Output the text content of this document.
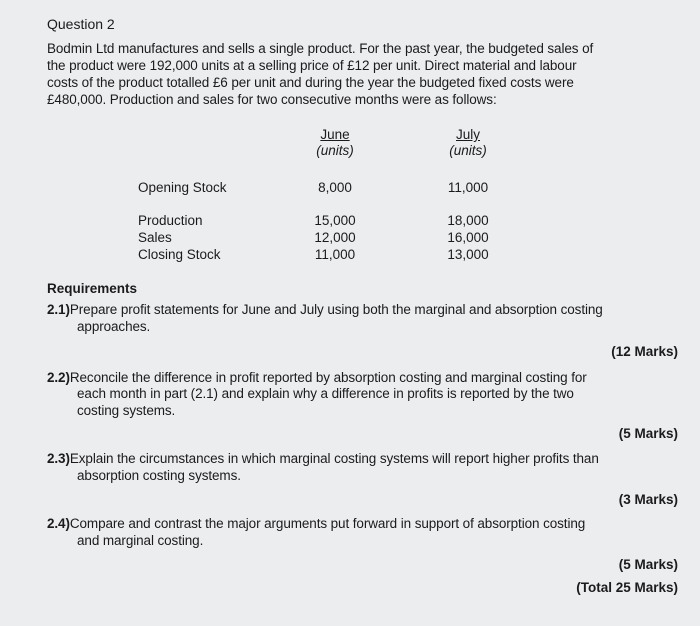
Question 2
Bodmin Ltd manufactures and sells a single product. For the past year, the budgeted sales of
the product were 192,000 units at a selling price of £12 per unit. Direct material and labour
costs of the product totalled £6 per unit and during the year the budgeted fixed costs were
£480,000. Production and sales for two consecutive months were as follows:
June
(units)
July
(units)
Opening Stock	8,000	11,000
Production	15,000	18,000
Sales	12,000	16,000
Closing Stock	11,000	13,000
Requirements
2.1)Prepare profit statements for June and July using both the marginal and absorption costing
approaches.
(12 Marks)
2.2)Reconcile the difference in profit reported by absorption costing and marginal costing for
each month in part (2.1) and explain why a difference in profits is reported by the two
costing systems.
(5 Marks)
2.3)Explain the circumstances in which marginal costing systems will report higher profits than
absorption costing systems.
(3 Marks)
2.4)Compare and contrast the major arguments put forward in support of absorption costing
and marginal costing.
(5 Marks)
(Total 25 Marks)
